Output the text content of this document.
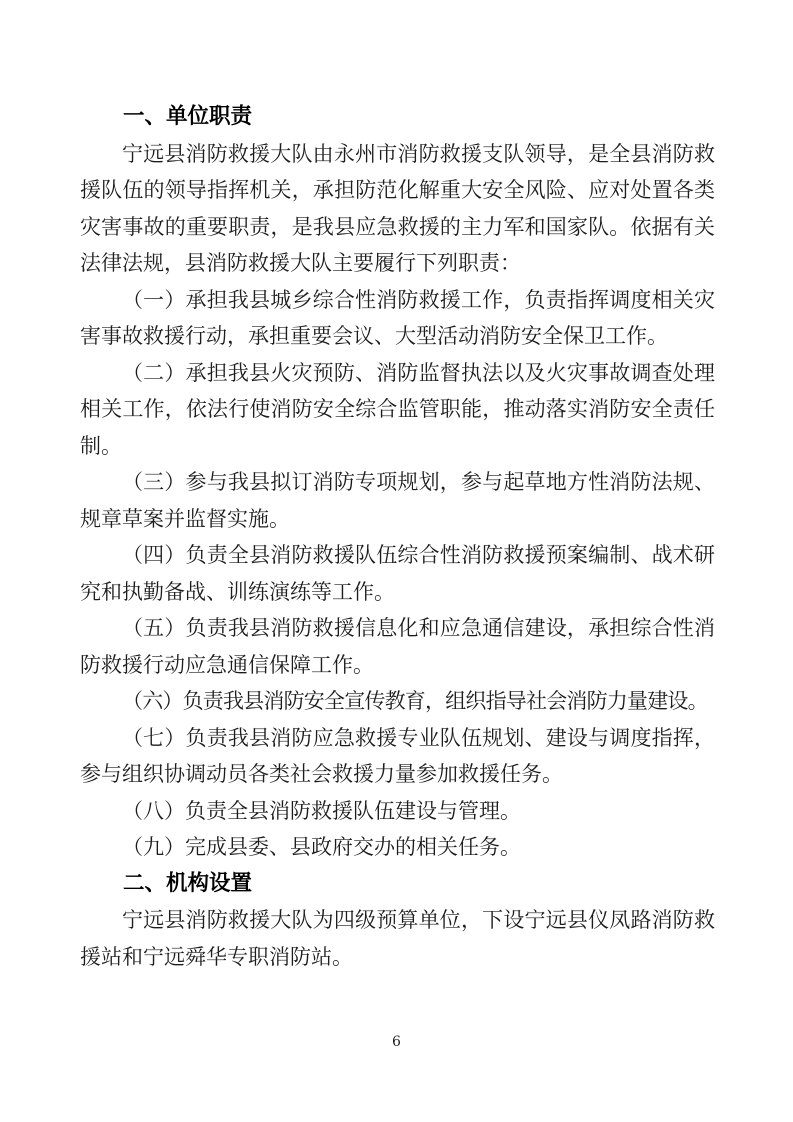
一、单位职责

宁远县消防救援大队由永州市消防救援支队领导，是全县消防救援队伍的领导指挥机关，承担防范化解重大安全风险、应对处置各类灾害事故的重要职责，是我县应急救援的主力军和国家队。依据有关法律法规，县消防救援大队主要履行下列职责：

（一）承担我县城乡综合性消防救援工作，负责指挥调度相关灾害事故救援行动，承担重要会议、大型活动消防安全保卫工作。

（二）承担我县火灾预防、消防监督执法以及火灾事故调查处理相关工作，依法行使消防安全综合监管职能，推动落实消防安全责任制。

（三）参与我县拟订消防专项规划，参与起草地方性消防法规、规章草案并监督实施。

（四）负责全县消防救援队伍综合性消防救援预案编制、战术研究和执勤备战、训练演练等工作。

（五）负责我县消防救援信息化和应急通信建设，承担综合性消防救援行动应急通信保障工作。

（六）负责我县消防安全宣传教育，组织指导社会消防力量建设。

（七）负责我县消防应急救援专业队伍规划、建设与调度指挥，参与组织协调动员各类社会救援力量参加救援任务。

（八）负责全县消防救援队伍建设与管理。

（九）完成县委、县政府交办的相关任务。

二、机构设置

宁远县消防救援大队为四级预算单位，下设宁远县仪凤路消防救援站和宁远舜华专职消防站。

6
